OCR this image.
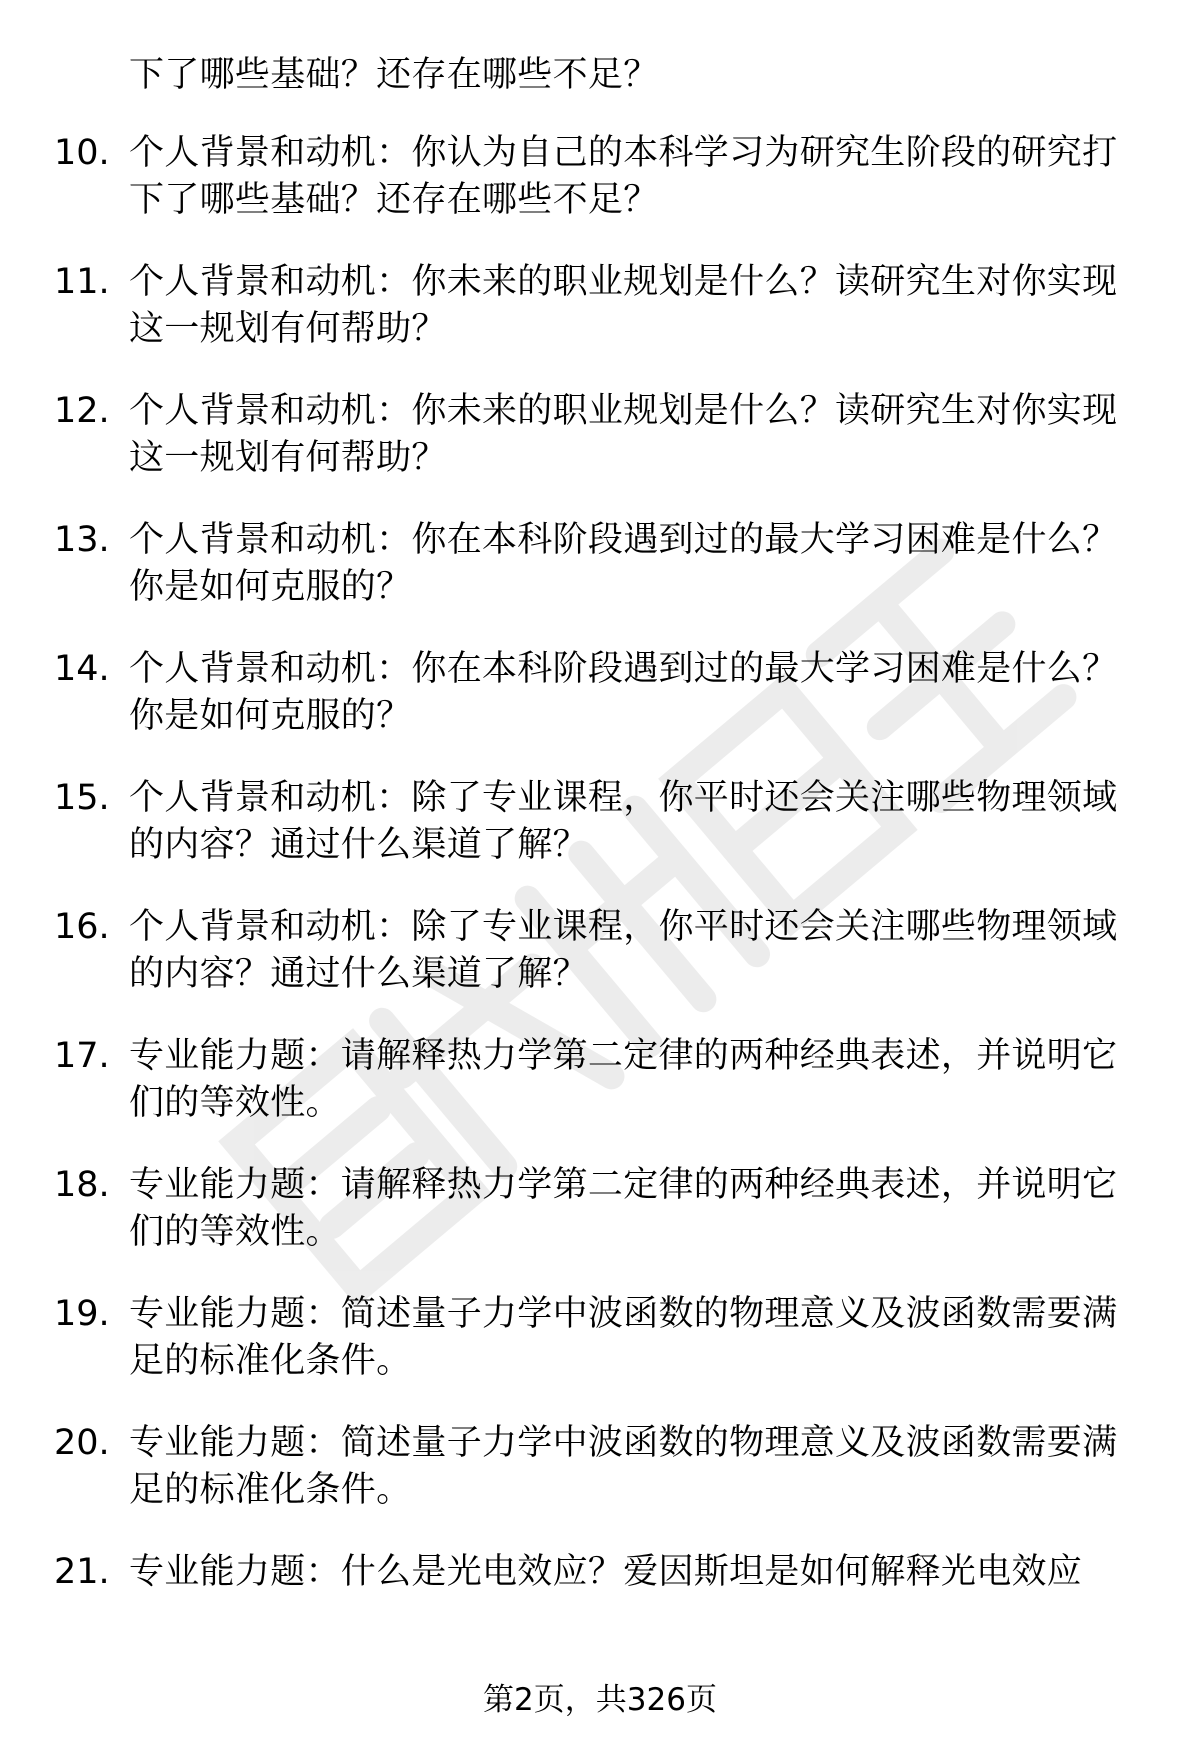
下了哪些基础？还存在哪些不足？
10. 个人背景和动机：你认为自己的本科学习为研究生阶段的研究打
下了哪些基础？还存在哪些不足？
11. 个人背景和动机：你未来的职业规划是什么？读研究生对你实现
这一规划有何帮助？
12. 个人背景和动机：你未来的职业规划是什么？读研究生对你实现
这一规划有何帮助？
13. 个人背景和动机：你在本科阶段遇到过的最大学习困难是什么？
你是如何克服的？
14. 个人背景和动机：你在本科阶段遇到过的最大学习困难是什么？
你是如何克服的？
15. 个人背景和动机：除了专业课程，你平时还会关注哪些物理领域
的内容？通过什么渠道了解？
16. 个人背景和动机：除了专业课程，你平时还会关注哪些物理领域
的内容？通过什么渠道了解？
17. 专业能力题：请解释热力学第二定律的两种经典表述，并说明它
们的等效性。
18. 专业能力题：请解释热力学第二定律的两种经典表述，并说明它
们的等效性。
19. 专业能力题：简述量子力学中波函数的物理意义及波函数需要满
足的标准化条件。
20. 专业能力题：简述量子力学中波函数的物理意义及波函数需要满
足的标准化条件。
21. 专业能力题：什么是光电效应？爱因斯坦是如何解释光电效应
第2页，共326页
